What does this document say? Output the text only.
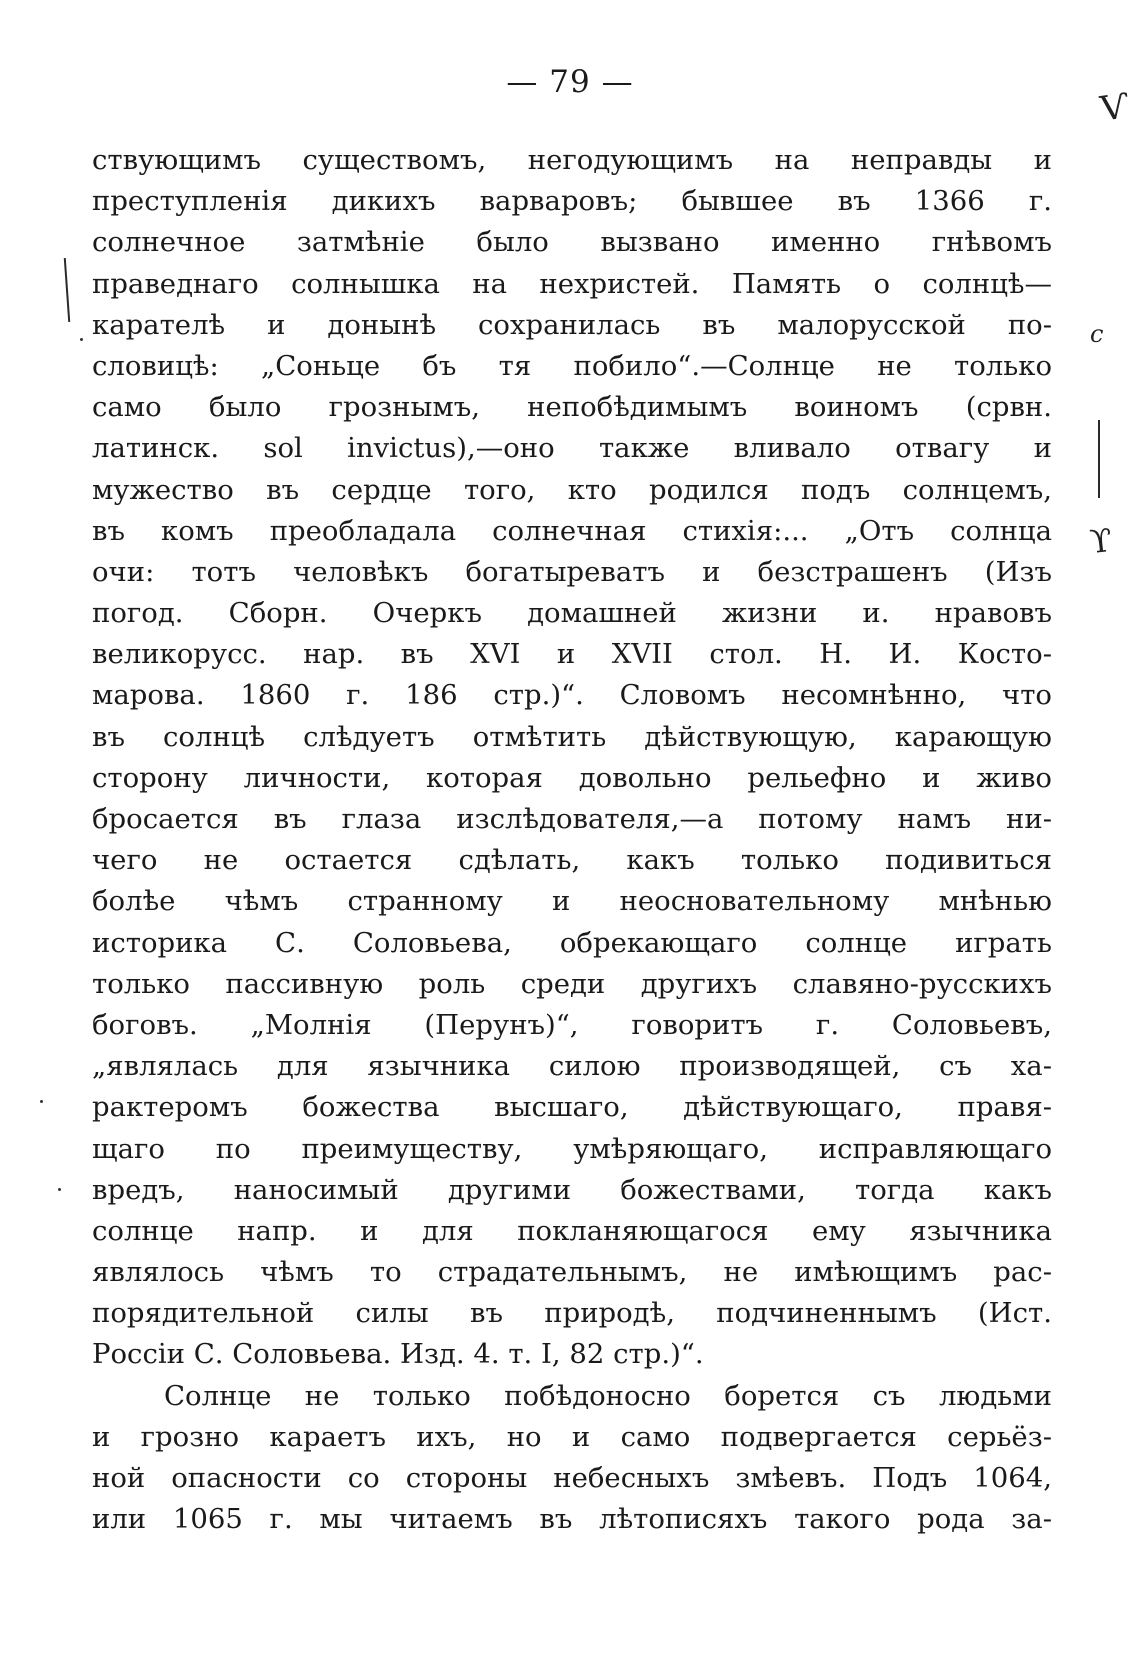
— 79 —
Ѵ
с
ϒ
ствующимъ существомъ, негодующимъ на неправды и
преступленія дикихъ варваровъ; бывшее въ 1366 г.
солнечное затмѣніе было вызвано именно гнѣвомъ
праведнаго солнышка на нехристей. Память о солнцѣ—
карателѣ и донынѣ сохранилась въ малорусской по-
словицѣ: „Соньце бъ тя побило“.—Солнце не только
само было грознымъ, непобѣдимымъ воиномъ (срвн.
латинск. sol invictus),—оно также вливало отвагу и
мужество въ сердце того, кто родился подъ солнцемъ,
въ комъ преобладала солнечная стихія:... „Отъ солнца
очи: тотъ человѣкъ богатыреватъ и безстрашенъ (Изъ
погод. Сборн. Очеркъ домашней жизни и. нравовъ
великорусс. нар. въ XVI и XVII стол. Н. И. Косто-
марова. 1860 г. 186 стр.)“. Словомъ несомнѣнно, что
въ солнцѣ слѣдуетъ отмѣтить дѣйствующую, карающую
сторону личности, которая довольно рельефно и живо
бросается въ глаза изслѣдователя,—а потому намъ ни-
чего не остается сдѣлать, какъ только подивиться
болѣе чѣмъ странному и неосновательному мнѣнью
историка С. Соловьева, обрекающаго солнце играть
только пассивную роль среди другихъ славяно-русскихъ
боговъ. „Молнія (Перунъ)“, говоритъ г. Соловьевъ,
„являлась для язычника силою производящей, съ ха-
рактеромъ божества высшаго, дѣйствующаго, правя-
щаго по преимуществу, умѣряющаго, исправляющаго
вредъ, наносимый другими божествами, тогда какъ
солнце напр. и для покланяющагося ему язычника
являлось чѣмъ то страдательнымъ, не имѣющимъ рас-
порядительной силы въ природѣ, подчиненнымъ (Ист.
Россіи С. Соловьева. Изд. 4. т. I, 82 стр.)“.
Солнце не только побѣдоносно борется съ людьми
и грозно караетъ ихъ, но и само подвергается серьёз-
ной опасности со стороны небесныхъ змѣевъ. Подъ 1064,
или 1065 г. мы читаемъ въ лѣтописяхъ такого рода за-
